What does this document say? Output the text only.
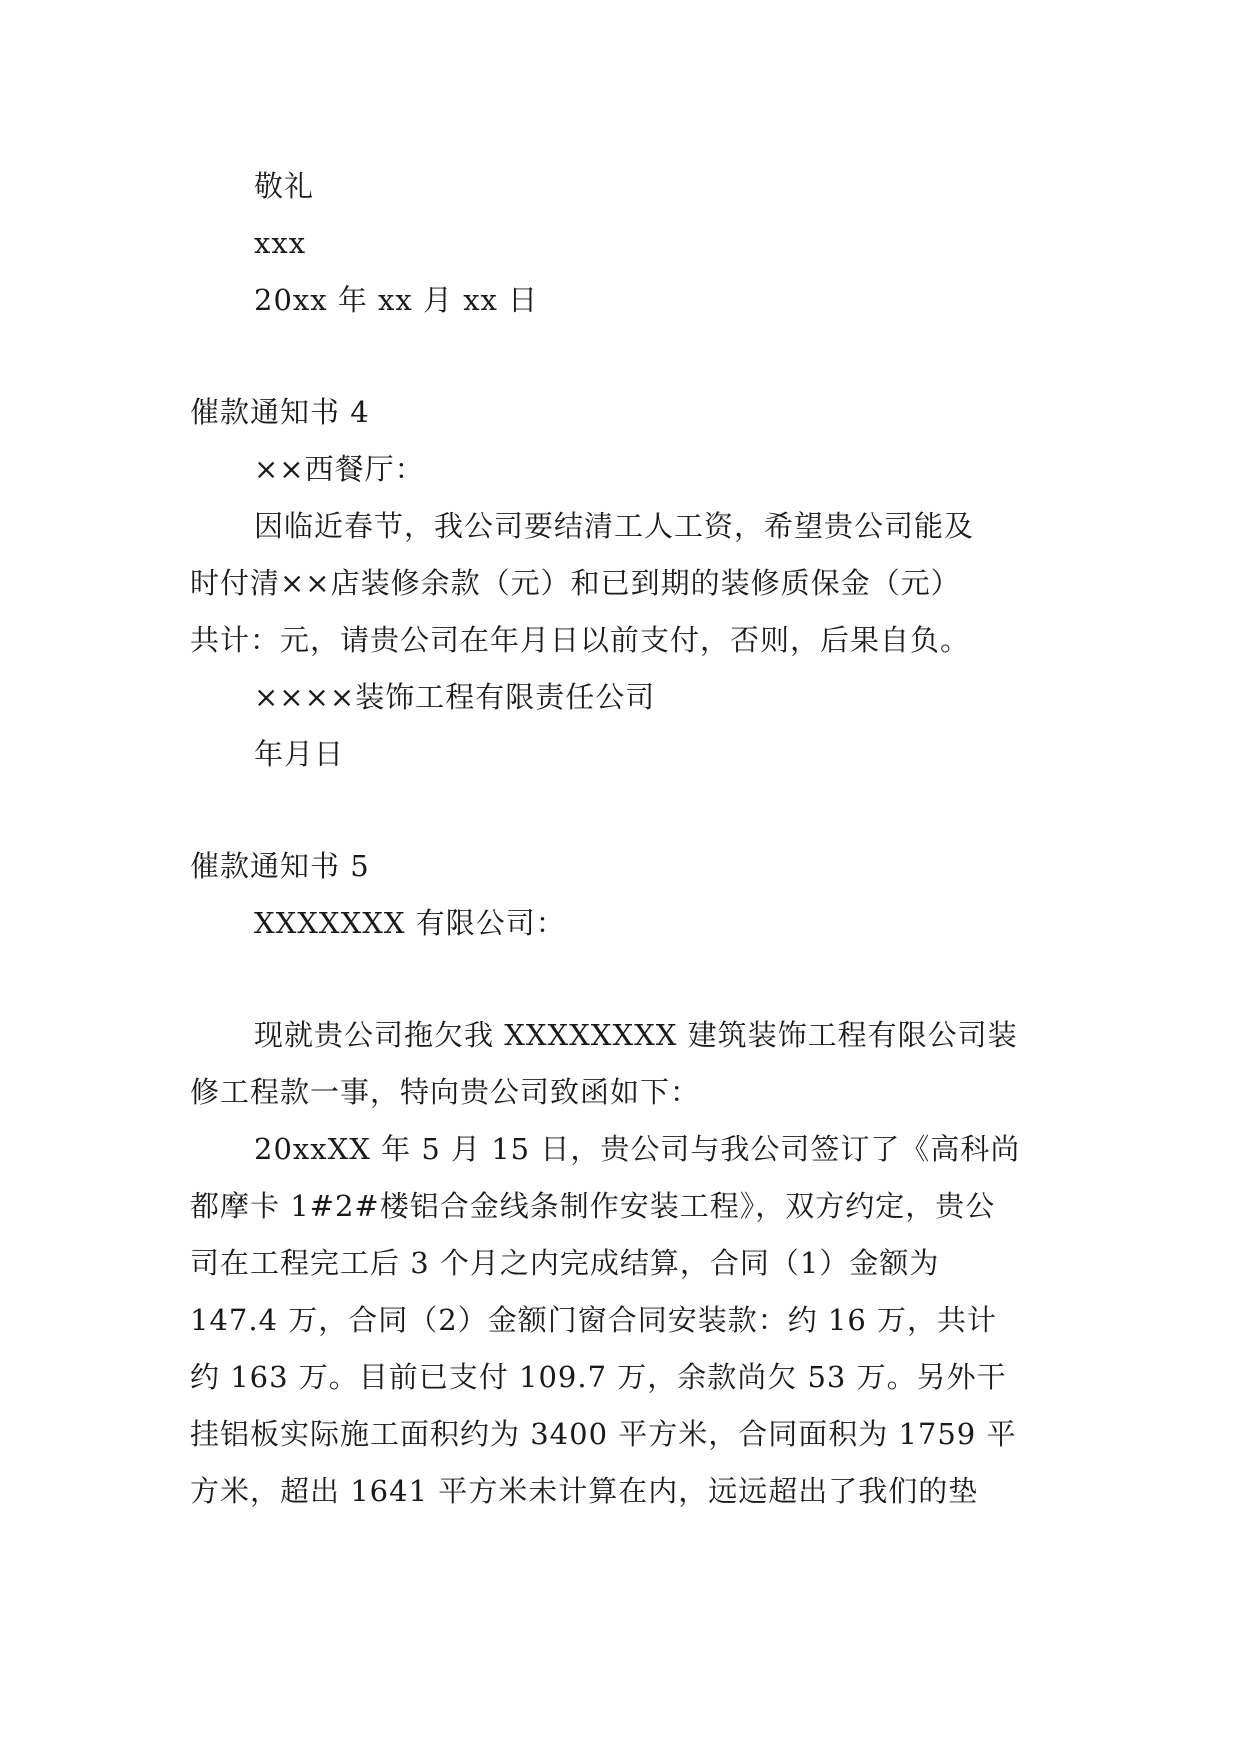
敬礼
xxx
20xx 年 xx 月 xx 日
催款通知书 4
××西餐厅：
因临近春节，我公司要结清工人工资，希望贵公司能及
时付清××店装修余款（元）和已到期的装修质保金（元）
共计：元，请贵公司在年月日以前支付，否则，后果自负。
××××装饰工程有限责任公司
年月日
催款通知书 5
XXXXXXX 有限公司：
现就贵公司拖欠我 XXXXXXXX 建筑装饰工程有限公司装
修工程款一事，特向贵公司致函如下：
20xxXX 年 5 月 15 日，贵公司与我公司签订了《高科尚
都摩卡 1#2#楼铝合金线条制作安装工程》，双方约定，贵公
司在工程完工后 3 个月之内完成结算，合同（1）金额为
147.4 万，合同（2）金额门窗合同安装款：约 16 万，共计
约 163 万。目前已支付 109.7 万，余款尚欠 53 万。另外干
挂铝板实际施工面积约为 3400 平方米，合同面积为 1759 平
方米，超出 1641 平方米未计算在内，远远超出了我们的垫
